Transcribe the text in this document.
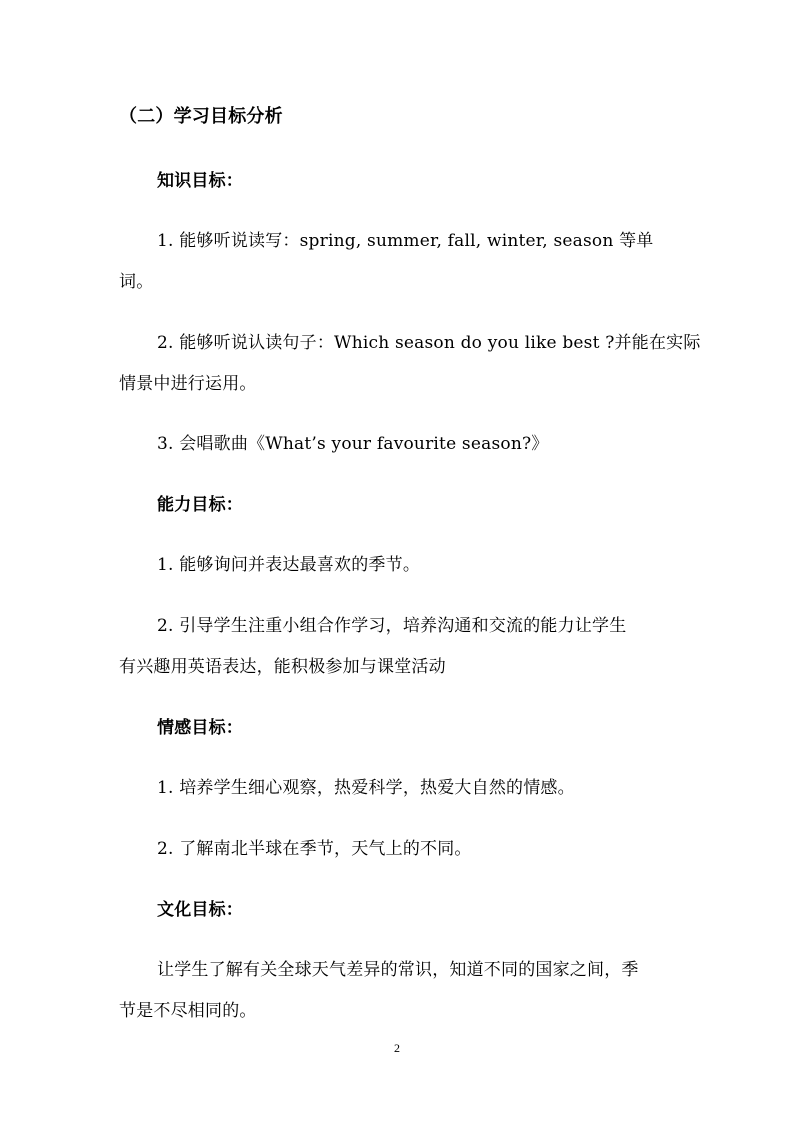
（二）学习目标分析
知识目标：
1. 能够听说读写：spring, summer, fall, winter, season 等单
词。
2. 能够听说认读句子：Which season do you like best ?并能在实际
情景中进行运用。
3. 会唱歌曲《What’s your favourite season?》
能力目标：
1. 能够询问并表达最喜欢的季节。
2. 引导学生注重小组合作学习，培养沟通和交流的能力让学生
有兴趣用英语表达，能积极参加与课堂活动
情感目标：
1. 培养学生细心观察，热爱科学，热爱大自然的情感。
2. 了解南北半球在季节，天气上的不同。
文化目标：
让学生了解有关全球天气差异的常识，知道不同的国家之间，季
节是不尽相同的。
2
